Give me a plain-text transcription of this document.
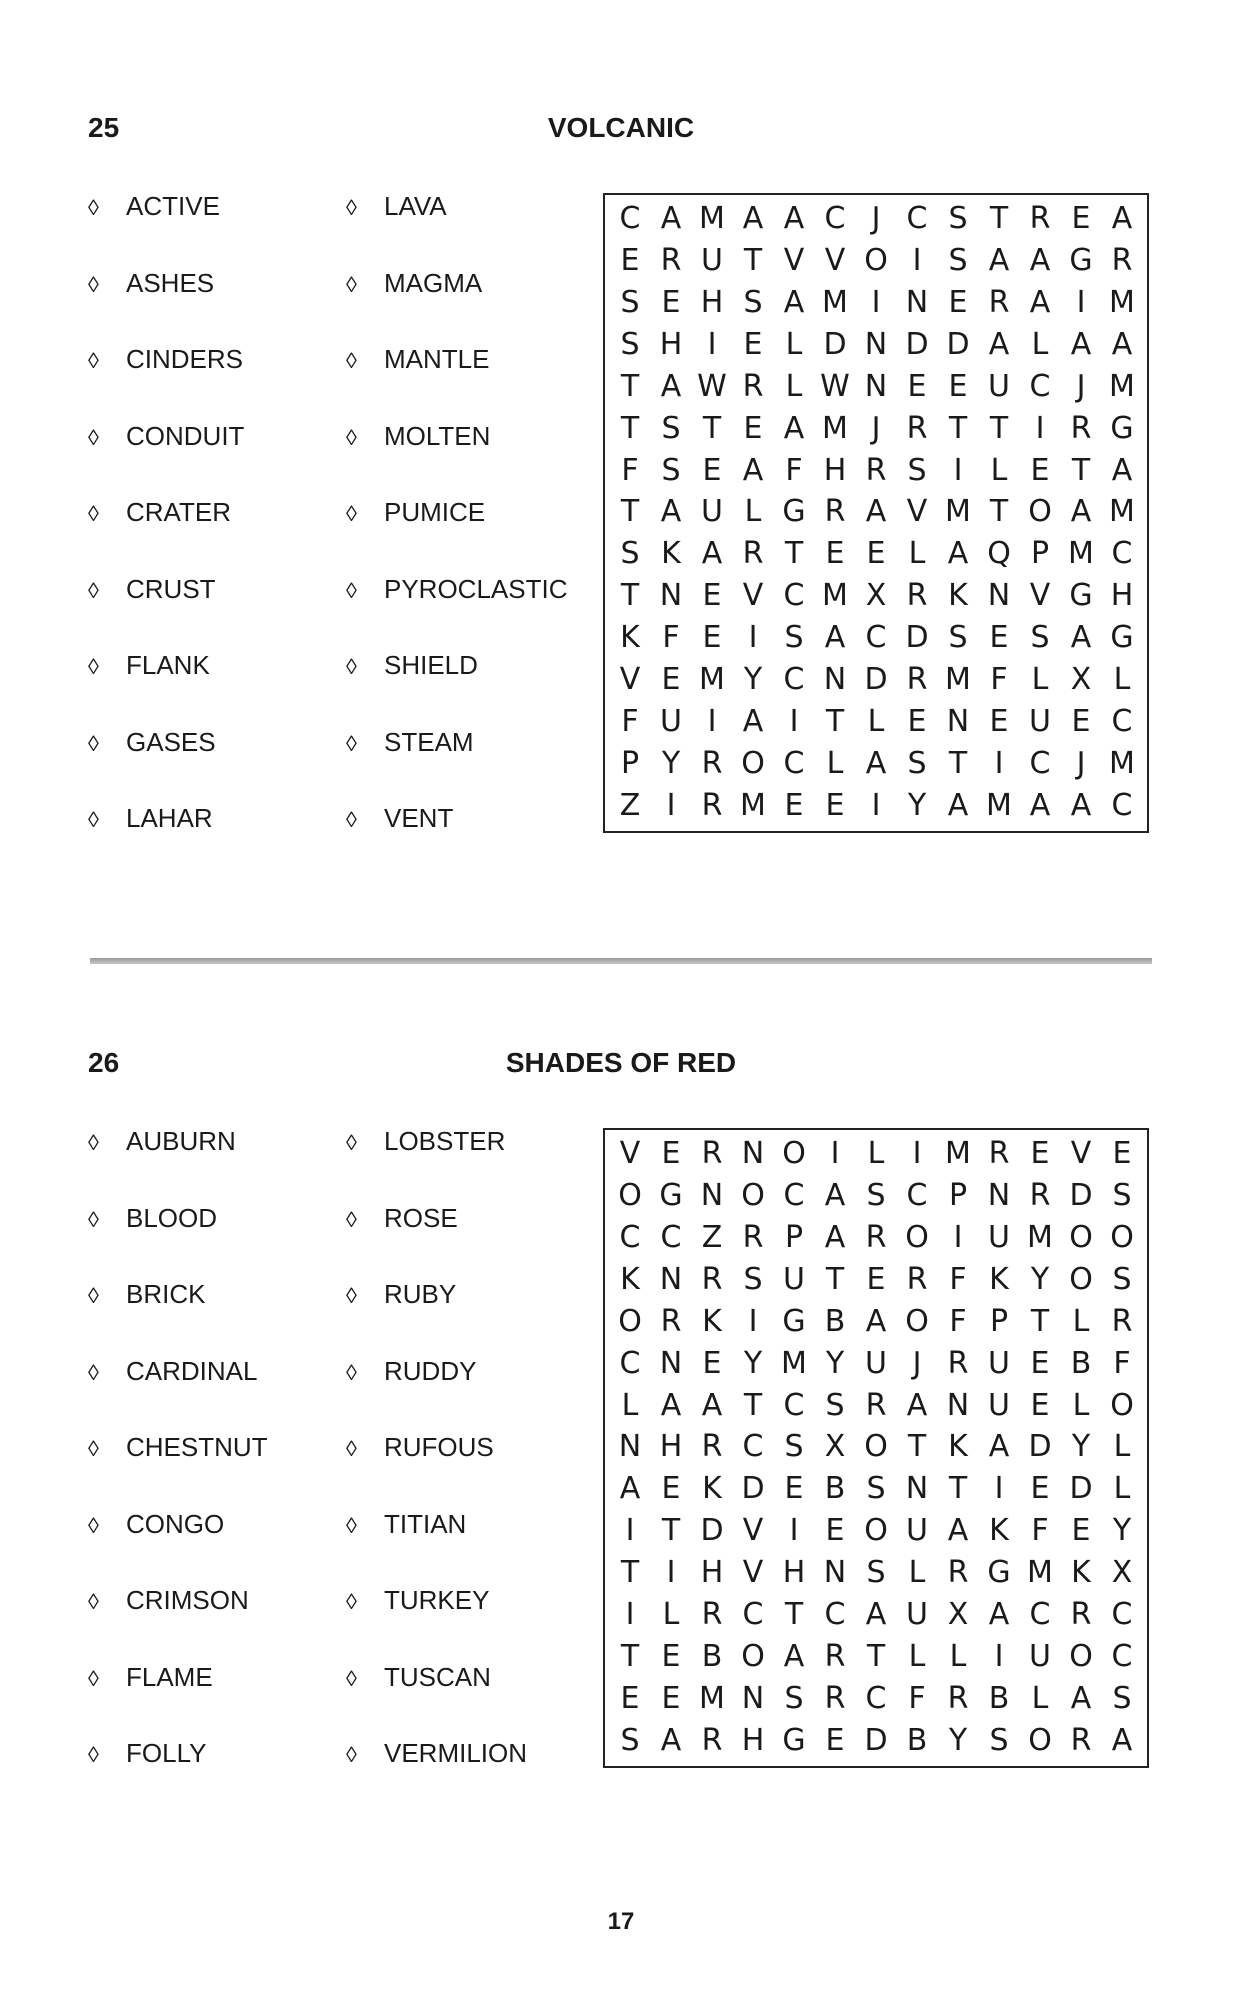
25	VOLCANIC
◊ ACTIVE
◊ ASHES
◊ CINDERS
◊ CONDUIT
◊ CRATER
◊ CRUST
◊ FLANK
◊ GASES
◊ LAHAR
◊ LAVA
◊ MAGMA
◊ MANTLE
◊ MOLTEN
◊ PUMICE
◊ PYROCLASTIC
◊ SHIELD
◊ STEAM
◊ VENT
C A M A A C J C S T R E A
E R U T V V O I S A A G R
S E H S A M I N E R A I M
S H I E L D N D D A L A A
T A W R L W N E E U C J M
T S T E A M J R T T I R G
F S E A F H R S I L E T A
T A U L G R A V M T O A M
S K A R T E E L A Q P M C
T N E V C M X R K N V G H
K F E I S A C D S E S A G
V E M Y C N D R M F L X L
F U I A I T L E N E U E C
P Y R O C L A S T I C J M
Z I R M E E I Y A M A A C
26	SHADES OF RED
◊ AUBURN
◊ BLOOD
◊ BRICK
◊ CARDINAL
◊ CHESTNUT
◊ CONGO
◊ CRIMSON
◊ FLAME
◊ FOLLY
◊ LOBSTER
◊ ROSE
◊ RUBY
◊ RUDDY
◊ RUFOUS
◊ TITIAN
◊ TURKEY
◊ TUSCAN
◊ VERMILION
V E R N O I L I M R E V E
O G N O C A S C P N R D S
C C Z R P A R O I U M O O
K N R S U T E R F K Y O S
O R K I G B A O F P T L R
C N E Y M Y U J R U E B F
L A A T C S R A N U E L O
N H R C S X O T K A D Y L
A E K D E B S N T I E D L
I T D V I E O U A K F E Y
T I H V H N S L R G M K X
I L R C T C A U X A C R C
T E B O A R T L L I U O C
E E M N S R C F R B L A S
S A R H G E D B Y S O R A
17
